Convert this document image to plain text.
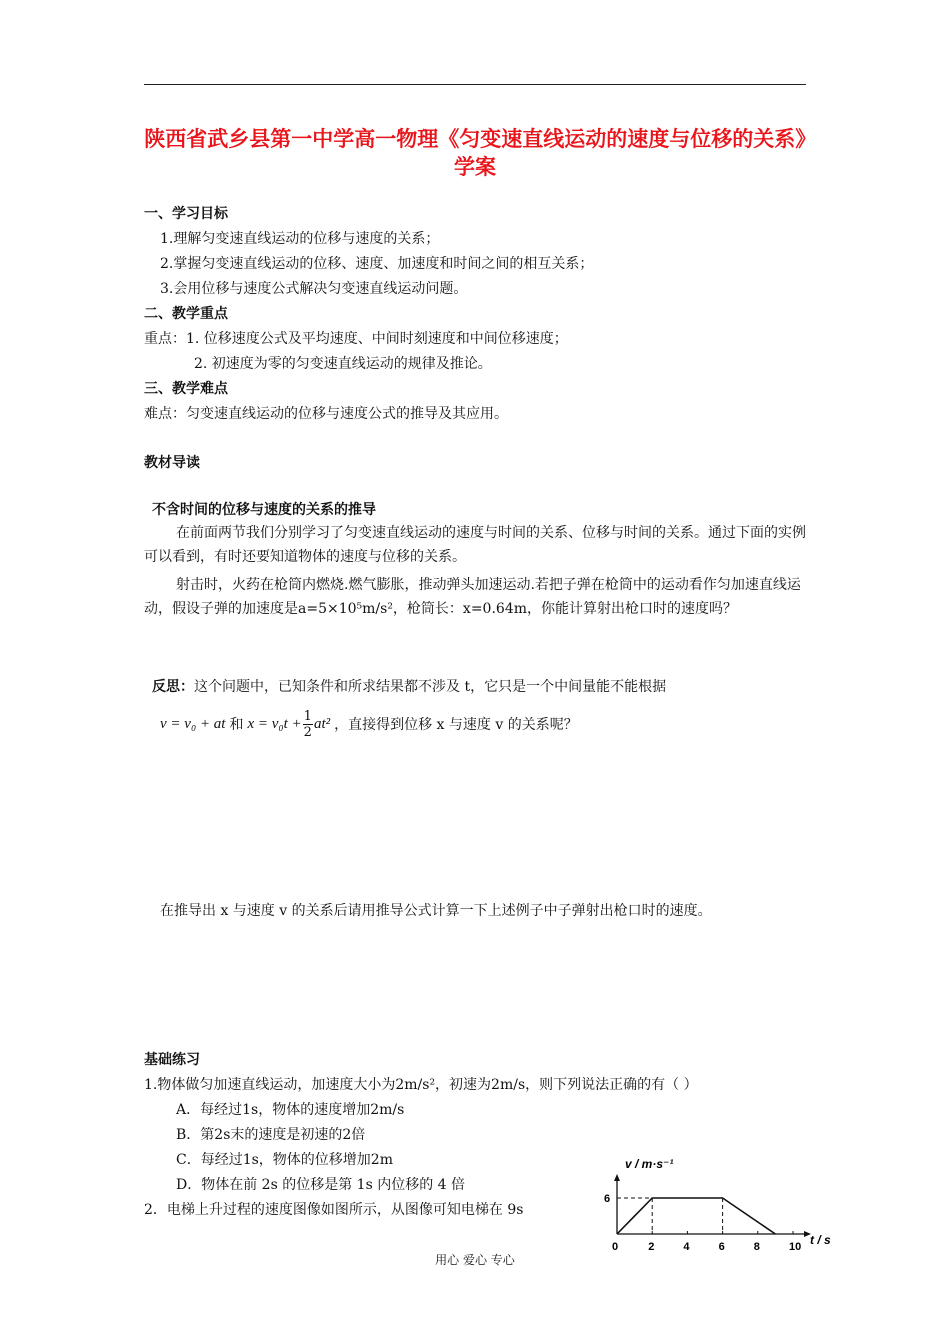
陕西省武乡县第一中学高一物理《匀变速直线运动的速度与位移的关系》学案
一、学习目标
1.理解匀变速直线运动的位移与速度的关系；
2.掌握匀变速直线运动的位移、速度、加速度和时间之间的相互关系；
3.会用位移与速度公式解决匀变速直线运动问题。
二、教学重点
重点：1. 位移速度公式及平均速度、中间时刻速度和中间位移速度；
2. 初速度为零的匀变速直线运动的规律及推论。
三、教学难点
难点：匀变速直线运动的位移与速度公式的推导及其应用。
教材导读
不含时间的位移与速度的关系的推导
在前面两节我们分别学习了匀变速直线运动的速度与时间的关系、位移与时间的关系。通过下面的实例可以看到，有时还要知道物体的速度与位移的关系。
射击时，火药在枪筒内燃烧.燃气膨胀，推动弹头加速运动.若把子弹在枪筒中的运动看作匀加速直线运动，假设子弹的加速度是a=5×10⁵m/s²，枪筒长：x=0.64m，你能计算射出枪口时的速度吗？
反思：这个问题中，已知条件和所求结果都不涉及 t，它只是一个中间量能不能根据
v = v₀ + at 和 $x = v_0t + \frac{1}{2} at^2$ ，直接得到位移 x 与速度 v 的关系呢？
在推导出 x 与速度 v 的关系后请用推导公式计算一下上述例子中子弹射出枪口时的速度。
基础练习
1.物体做匀加速直线运动，加速度大小为2m/s²，初速为2m/s，则下列说法正确的有（ ）
A．每经过1s，物体的速度增加2m/s
B．第2s末的速度是初速的2倍
C．每经过1s，物体的位移增加2m
D．物体在前 2s 的位移是第 1s 内位移的 4 倍
2．电梯上升过程的速度图像如图所示，从图像可知电梯在 9s
0	2	4	6	8	10
6
v / m·s⁻¹
t / s
用心 爱心 专心
